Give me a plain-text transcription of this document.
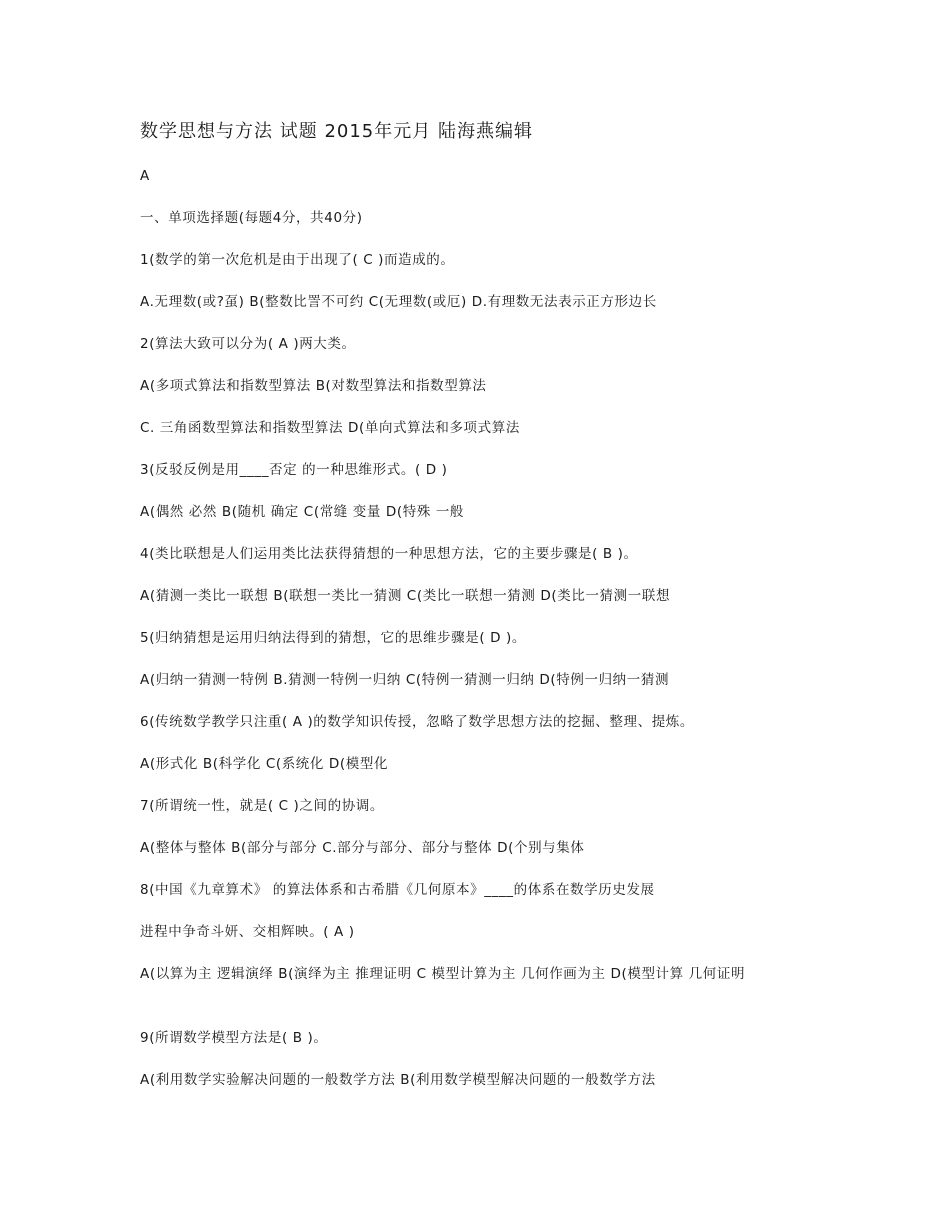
数学思想与方法 试题 2015年元月 陆海燕编辑
A
一、单项选择题(每题4分，共40分)
1(数学的第一次危机是由于出现了( C )而造成的。
A.无理数(或?虿) B(整数比詈不可约 C(无理数(或厄) D.有理数无法表示正方形边长
2(算法大致可以分为( A )两大类。
A(多项式算法和指数型算法 B(对数型算法和指数型算法
C. 三角函数型算法和指数型算法 D(单向式算法和多项式算法
3(反驳反例是用____否定 的一种思维形式。( D )
A(偶然 必然 B(随机 确定 C(常缝 变量 D(特殊 一般
4(类比联想是人们运用类比法获得猜想的一种思想方法，它的主要步骤是( B )。
A(猜测一类比一联想 B(联想一类比一猜测 C(类比一联想一猜测 D(类比一猜测一联想
5(归纳猜想是运用归纳法得到的猜想，它的思维步骤是( D )。
A(归纳一猜测一特例 B.猜测一特例一归纳 C(特例一猜测一归纳 D(特例一归纳一猜测
6(传统数学教学只注重( A )的数学知识传授，忽略了数学思想方法的挖掘、整理、提炼。
A(形式化 B(科学化 C(系统化 D(模型化
7(所谓统一性，就是( C )之间的协调。
A(整体与整体 B(部分与部分 C.部分与部分、部分与整体 D(个别与集体
8(中国《九章算术》 的算法体系和古希腊《几何原本》____的体系在数学历史发展
进程中争奇斗妍、交相辉映。( A )
A(以算为主 逻辑演绎 B(演绎为主 推理证明 C 模型计算为主 几何作画为主 D(模型计算 几何证明
9(所谓数学模型方法是( B )。
A(利用数学实验解决问题的一般数学方法 B(利用数学模型解决问题的一般数学方法
